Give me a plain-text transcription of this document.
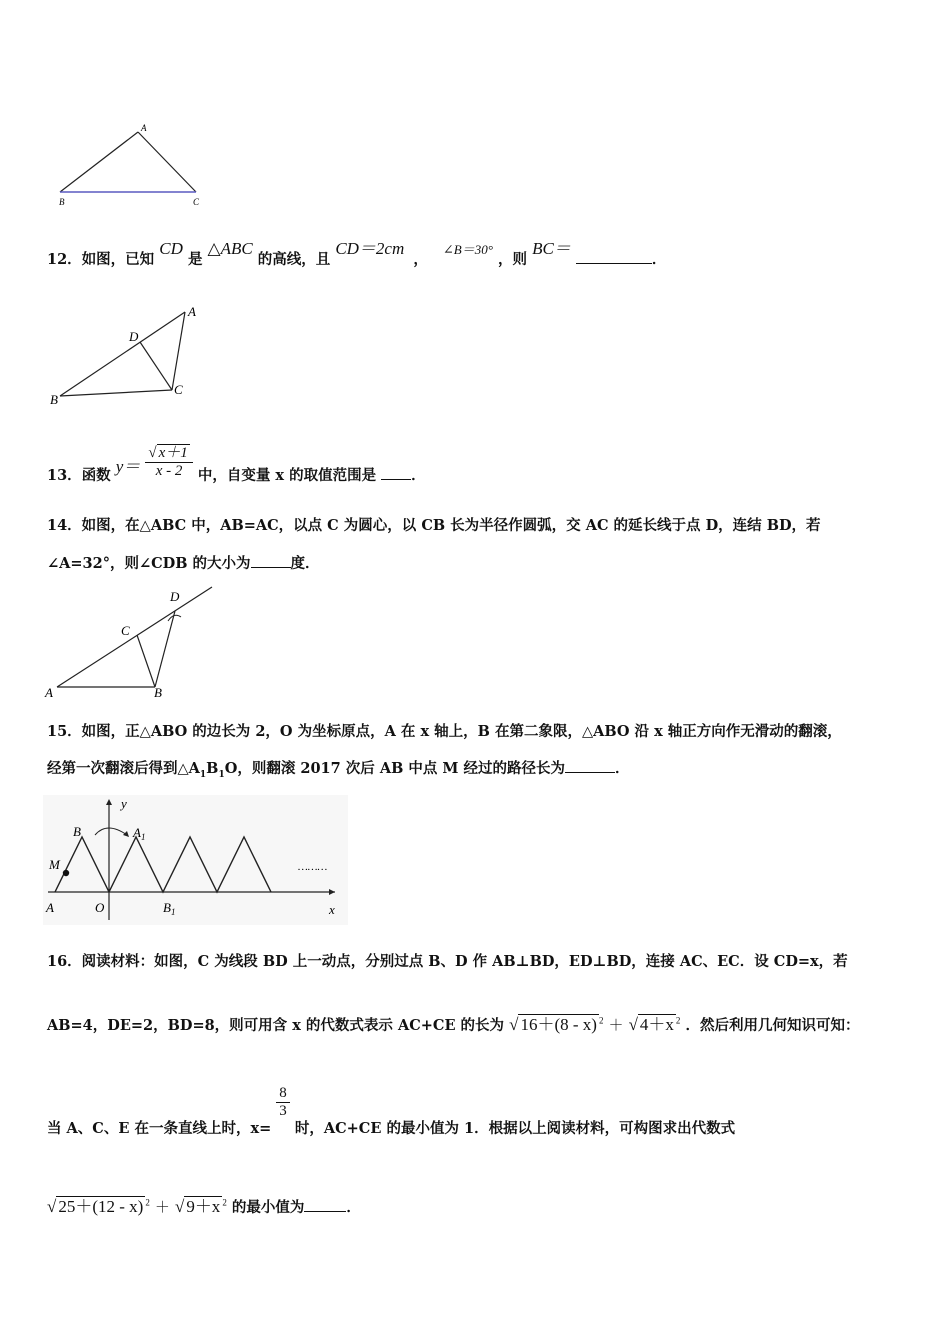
A
B	C
12．如图，已知 CD 是 △ABC 的高线，且 CD＝2cm ， ∠B＝30° ，则 BC＝ ．
A
D
B
C
13．函数 $y= \frac{√ x+1}{x - 2}$ 中，自变量 x 的取值范围是 ．
14．如图，在△ABC 中，AB=AC，以点 C 为圆心，以 CB 长为半径作圆弧，交 AC 的延长线于点 D，连结 BD，若
∠A=32°，则∠CDB 的大小为	度．
D
C
A	B
15．如图，正△ABO 的边长为 2，O 为坐标原点，A 在 x 轴上，B 在第二象限，△ABO 沿 x 轴正方向作无滑动的翻滚，
经第一次翻滚后得到$\triangle A_1B_1O$，则翻滚 2017 次后 AB 中点 M 经过的路径长为	．
………
y
x
B	$A_1$
M
A	O	$B_1$
16．阅读材料：如图，C 为线段 BD 上一动点，分别过点 B、D 作 AB⊥BD，ED⊥BD，连接 AC、EC．设 CD=x，若
AB=4，DE=2，BD=8，则可用含 x 的代数式表示 AC+CE 的长为 √ 16＋(8 - x) $^2$ ＋ √ 4＋x $^2$ ．然后利用几何知识可知：
当 A、C、E 在一条直线上时，x=
$\frac{8}{3}$
时，AC+CE 的最小值为 1．根据以上阅读材料，可构图求出代数式
√ 25＋(12 - x) $^2$ ＋ √ 9＋x $^2$ 的最小值为	．
